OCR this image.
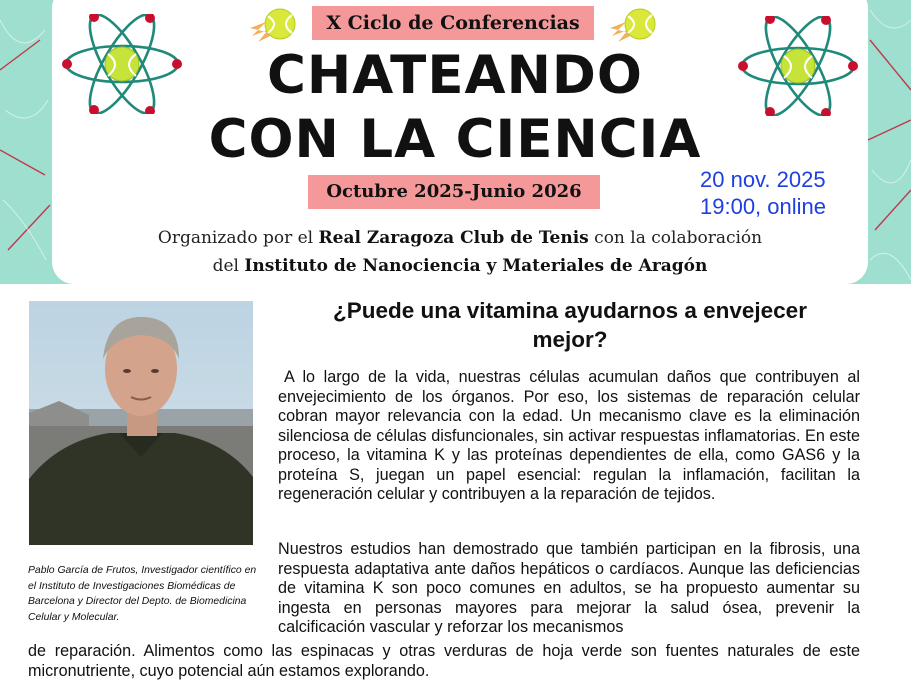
X Ciclo de Conferencias
CHATEANDO
CON LA CIENCIA
Octubre 2025-Junio 2026	20 nov. 2025
19:00, online
Organizado por el Real Zaragoza Club de Tenis con la colaboración
del Instituto de Nanociencia y Materiales de Aragón
Pablo García de Frutos, Investigador científico en el Instituto de Investigaciones Biomédicas de Barcelona y Director del Depto. de Biomedicina Celular y Molecular.
¿Puede una vitamina ayudarnos a envejecer mejor?

A lo largo de la vida, nuestras células acumulan daños que contribuyen al envejecimiento de los órganos. Por eso, los sistemas de reparación celular cobran mayor relevancia con la edad. Un mecanismo clave es la eliminación silenciosa de células disfuncionales, sin activar respuestas inflamatorias. En este proceso, la vitamina K y las proteínas dependientes de ella, como GAS6 y la proteína S, juegan un papel esencial: regulan la inflamación, facilitan la regeneración celular y contribuyen a la reparación de tejidos.

Nuestros estudios han demostrado que también participan en la fibrosis, una respuesta adaptativa ante daños hepáticos o cardíacos. Aunque las deficiencias de vitamina K son poco comunes en adultos, se ha propuesto aumentar su ingesta en personas mayores para mejorar la salud ósea, prevenir la calcificación vascular y reforzar los mecanismos

de reparación. Alimentos como las espinacas y otras verduras de hoja verde son fuentes naturales de este micronutriente, cuyo potencial aún estamos explorando.
